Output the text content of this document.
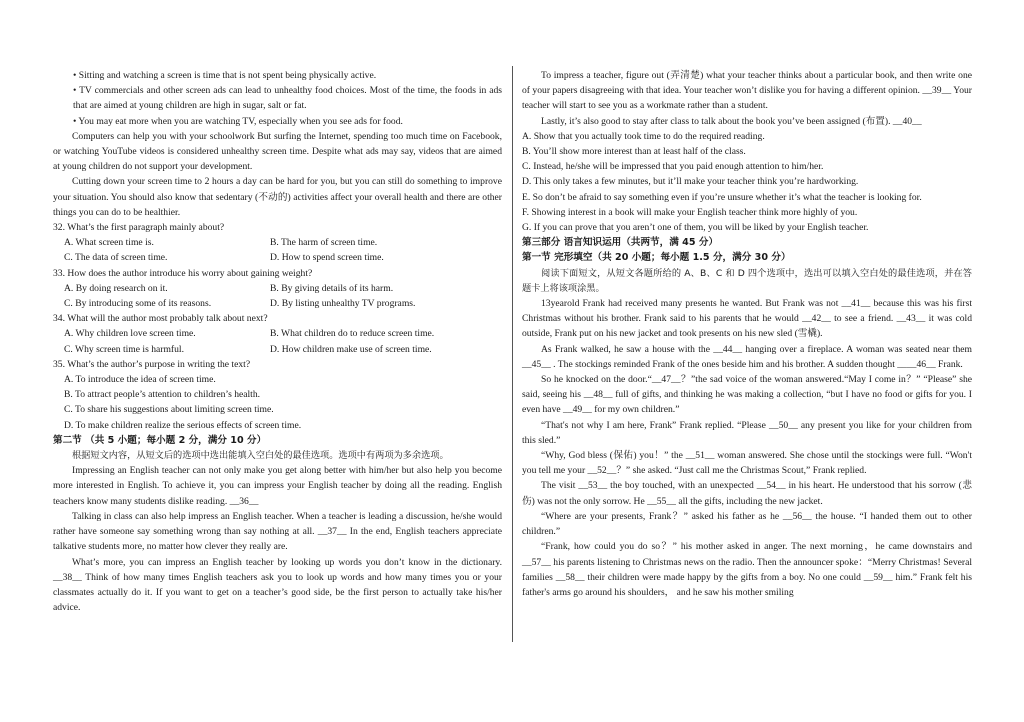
• Sitting and watching a screen is time that is not spent being physically active.

• TV commercials and other screen ads can lead to unhealthy food choices. Most of the time, the foods in ads that are aimed at young children are high in sugar, salt or fat.

• You may eat more when you are watching TV, especially when you see ads for food.

Computers can help you with your schoolwork But surfing the Internet, spending too much time on Facebook, or watching YouTube videos is considered unhealthy screen time. Despite what ads may say, videos that are aimed at young children do not support your development.

Cutting down your screen time to 2 hours a day can be hard for you, but you can still do something to improve your situation. You should also know that sedentary (不动的) activities affect your overall health and there are other things you can do to be healthier.

32. What’s the first paragraph mainly about?

A. What screen time is.	B. The harm of screen time.
C. The data of screen time.	D. How to spend screen time.

33. How does the author introduce his worry about gaining weight?

A. By doing research on it.	B. By giving details of its harm.
C. By introducing some of its reasons.	D. By listing unhealthy TV programs.

34. What will the author most probably talk about next?

A. Why children love screen time.	B. What children do to reduce screen time.
C. Why screen time is harmful.	D. How children make use of screen time.

35. What’s the author’s purpose in writing the text?

A. To introduce the idea of screen time.

B. To attract people’s attention to children’s health.

C. To share his suggestions about limiting screen time.

D. To make children realize the serious effects of screen time.

第二节 （共 5 小题；每小题 2 分，满分 10 分）

根据短文内容，从短文后的选项中选出能填入空白处的最佳选项。选项中有两项为多余选项。

Impressing an English teacher can not only make you get along better with him/her but also help you become more interested in English. To achieve it, you can impress your English teacher by doing all the reading. English teachers know many students dislike reading. __36__

Talking in class can also help impress an English teacher. When a teacher is leading a discussion, he/she would rather have someone say something wrong than say nothing at all. __37__ In the end, English teachers appreciate talkative students more, no matter how clever they really are.

What’s more, you can impress an English teacher by looking up words you don’t know in the dictionary. __38__ Think of how many times English teachers ask you to look up words and how many times you or your classmates actually do it. If you want to get on a teacher’s good side, be the first person to actually take his/her advice.

To impress a teacher, figure out (弄清楚) what your teacher thinks about a particular book, and then write one of your papers disagreeing with that idea. Your teacher won’t dislike you for having a different opinion. __39__ Your teacher will start to see you as a workmate rather than a student.

Lastly, it’s also good to stay after class to talk about the book you’ve been assigned (布置). __40__

A. Show that you actually took time to do the required reading.

B. You’ll show more interest than at least half of the class.

C. Instead, he/she will be impressed that you paid enough attention to him/her.

D. This only takes a few minutes, but it’ll make your teacher think you’re hardworking.

E. So don’t be afraid to say something even if you’re unsure whether it’s what the teacher is looking for.

F. Showing interest in a book will make your English teacher think more highly of you.

G. If you can prove that you aren’t one of them, you will be liked by your English teacher.

第三部分 语言知识运用（共两节，满 45 分）

第一节 完形填空（共 20 小题；每小题 1.5 分，满分 30 分）

阅读下面短文，从短文各题所给的 A、B、C 和 D 四个选项中，选出可以填入空白处的最佳选项，并在答题卡上将该项涂黑。

13yearold Frank had received many presents he wanted. But Frank was not __41__ because this was his first Christmas without his brother. Frank said to his parents that he would __42__ to see a friend. __43__ it was cold outside, Frank put on his new jacket and took presents on his new sled (雪橇).

As Frank walked, he saw a house with the __44__ hanging over a fireplace. A woman was seated near them __45__ . The stockings reminded Frank of the ones beside him and his brother. A sudden thought ____46__ Frank.

So he knocked on the door.“__47__？”the sad voice of the woman answered.“May I come in？” “Please” she said, seeing his __48__ full of gifts, and thinking he was making a collection, “but I have no food or gifts for you. I even have __49__ for my own children.”

“That's not why I am here, Frank” Frank replied. “Please __50__ any present you like for your children from this sled.”

“Why, God bless (保佑) you！” the __51__ woman answered. She chose until the stockings were full. “Won't you tell me your __52__？” she asked. “Just call me the Christmas Scout,” Frank replied.

The visit __53__ the boy touched, with an unexpected __54__ in his heart. He understood that his sorrow (悲伤) was not the only sorrow. He __55__ all the gifts, including the new jacket.

“Where are your presents, Frank？” asked his father as he __56__ the house. “I handed them out to other children.”

“Frank, how could you do so？” his mother asked in anger. The next morning，he came downstairs and __57__ his parents listening to Christmas news on the radio. Then the announcer spoke：“Merry Christmas! Several families __58__ their children were made happy by the gifts from a boy. No one could __59__ him.” Frank felt his father's arms go around his shoulders， and he saw his mother smiling
